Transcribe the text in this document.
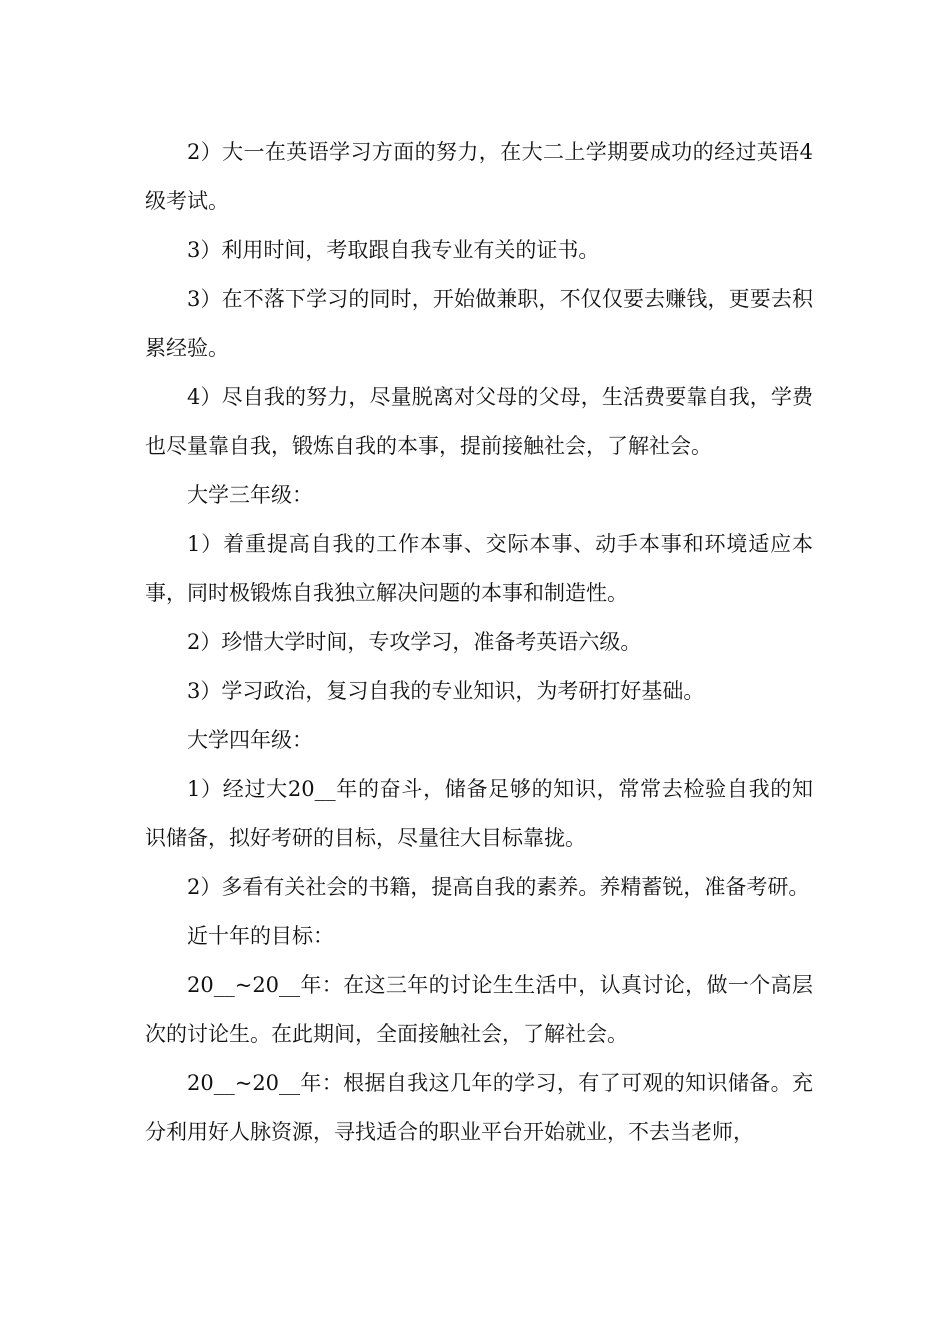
2）大一在英语学习方面的努力，在大二上学期要成功的经过英语4级考试。

3）利用时间，考取跟自我专业有关的证书。

3）在不落下学习的同时，开始做兼职，不仅仅要去赚钱，更要去积累经验。

4）尽自我的努力，尽量脱离对父母的父母，生活费要靠自我，学费也尽量靠自我，锻炼自我的本事，提前接触社会，了解社会。

大学三年级：

1）着重提高自我的工作本事、交际本事、动手本事和环境适应本事，同时极锻炼自我独立解决问题的本事和制造性。

2）珍惜大学时间，专攻学习，准备考英语六级。

3）学习政治，复习自我的专业知识，为考研打好基础。

大学四年级：

1）经过大20__年的奋斗，储备足够的知识，常常去检验自我的知识储备，拟好考研的目标，尽量往大目标靠拢。

2）多看有关社会的书籍，提高自我的素养。养精蓄锐，准备考研。

近十年的目标：

20__~20__年：在这三年的讨论生生活中，认真讨论，做一个高层次的讨论生。在此期间，全面接触社会，了解社会。

20__~20__年：根据自我这几年的学习，有了可观的知识储备。充分利用好人脉资源，寻找适合的职业平台开始就业，不去当老师，
